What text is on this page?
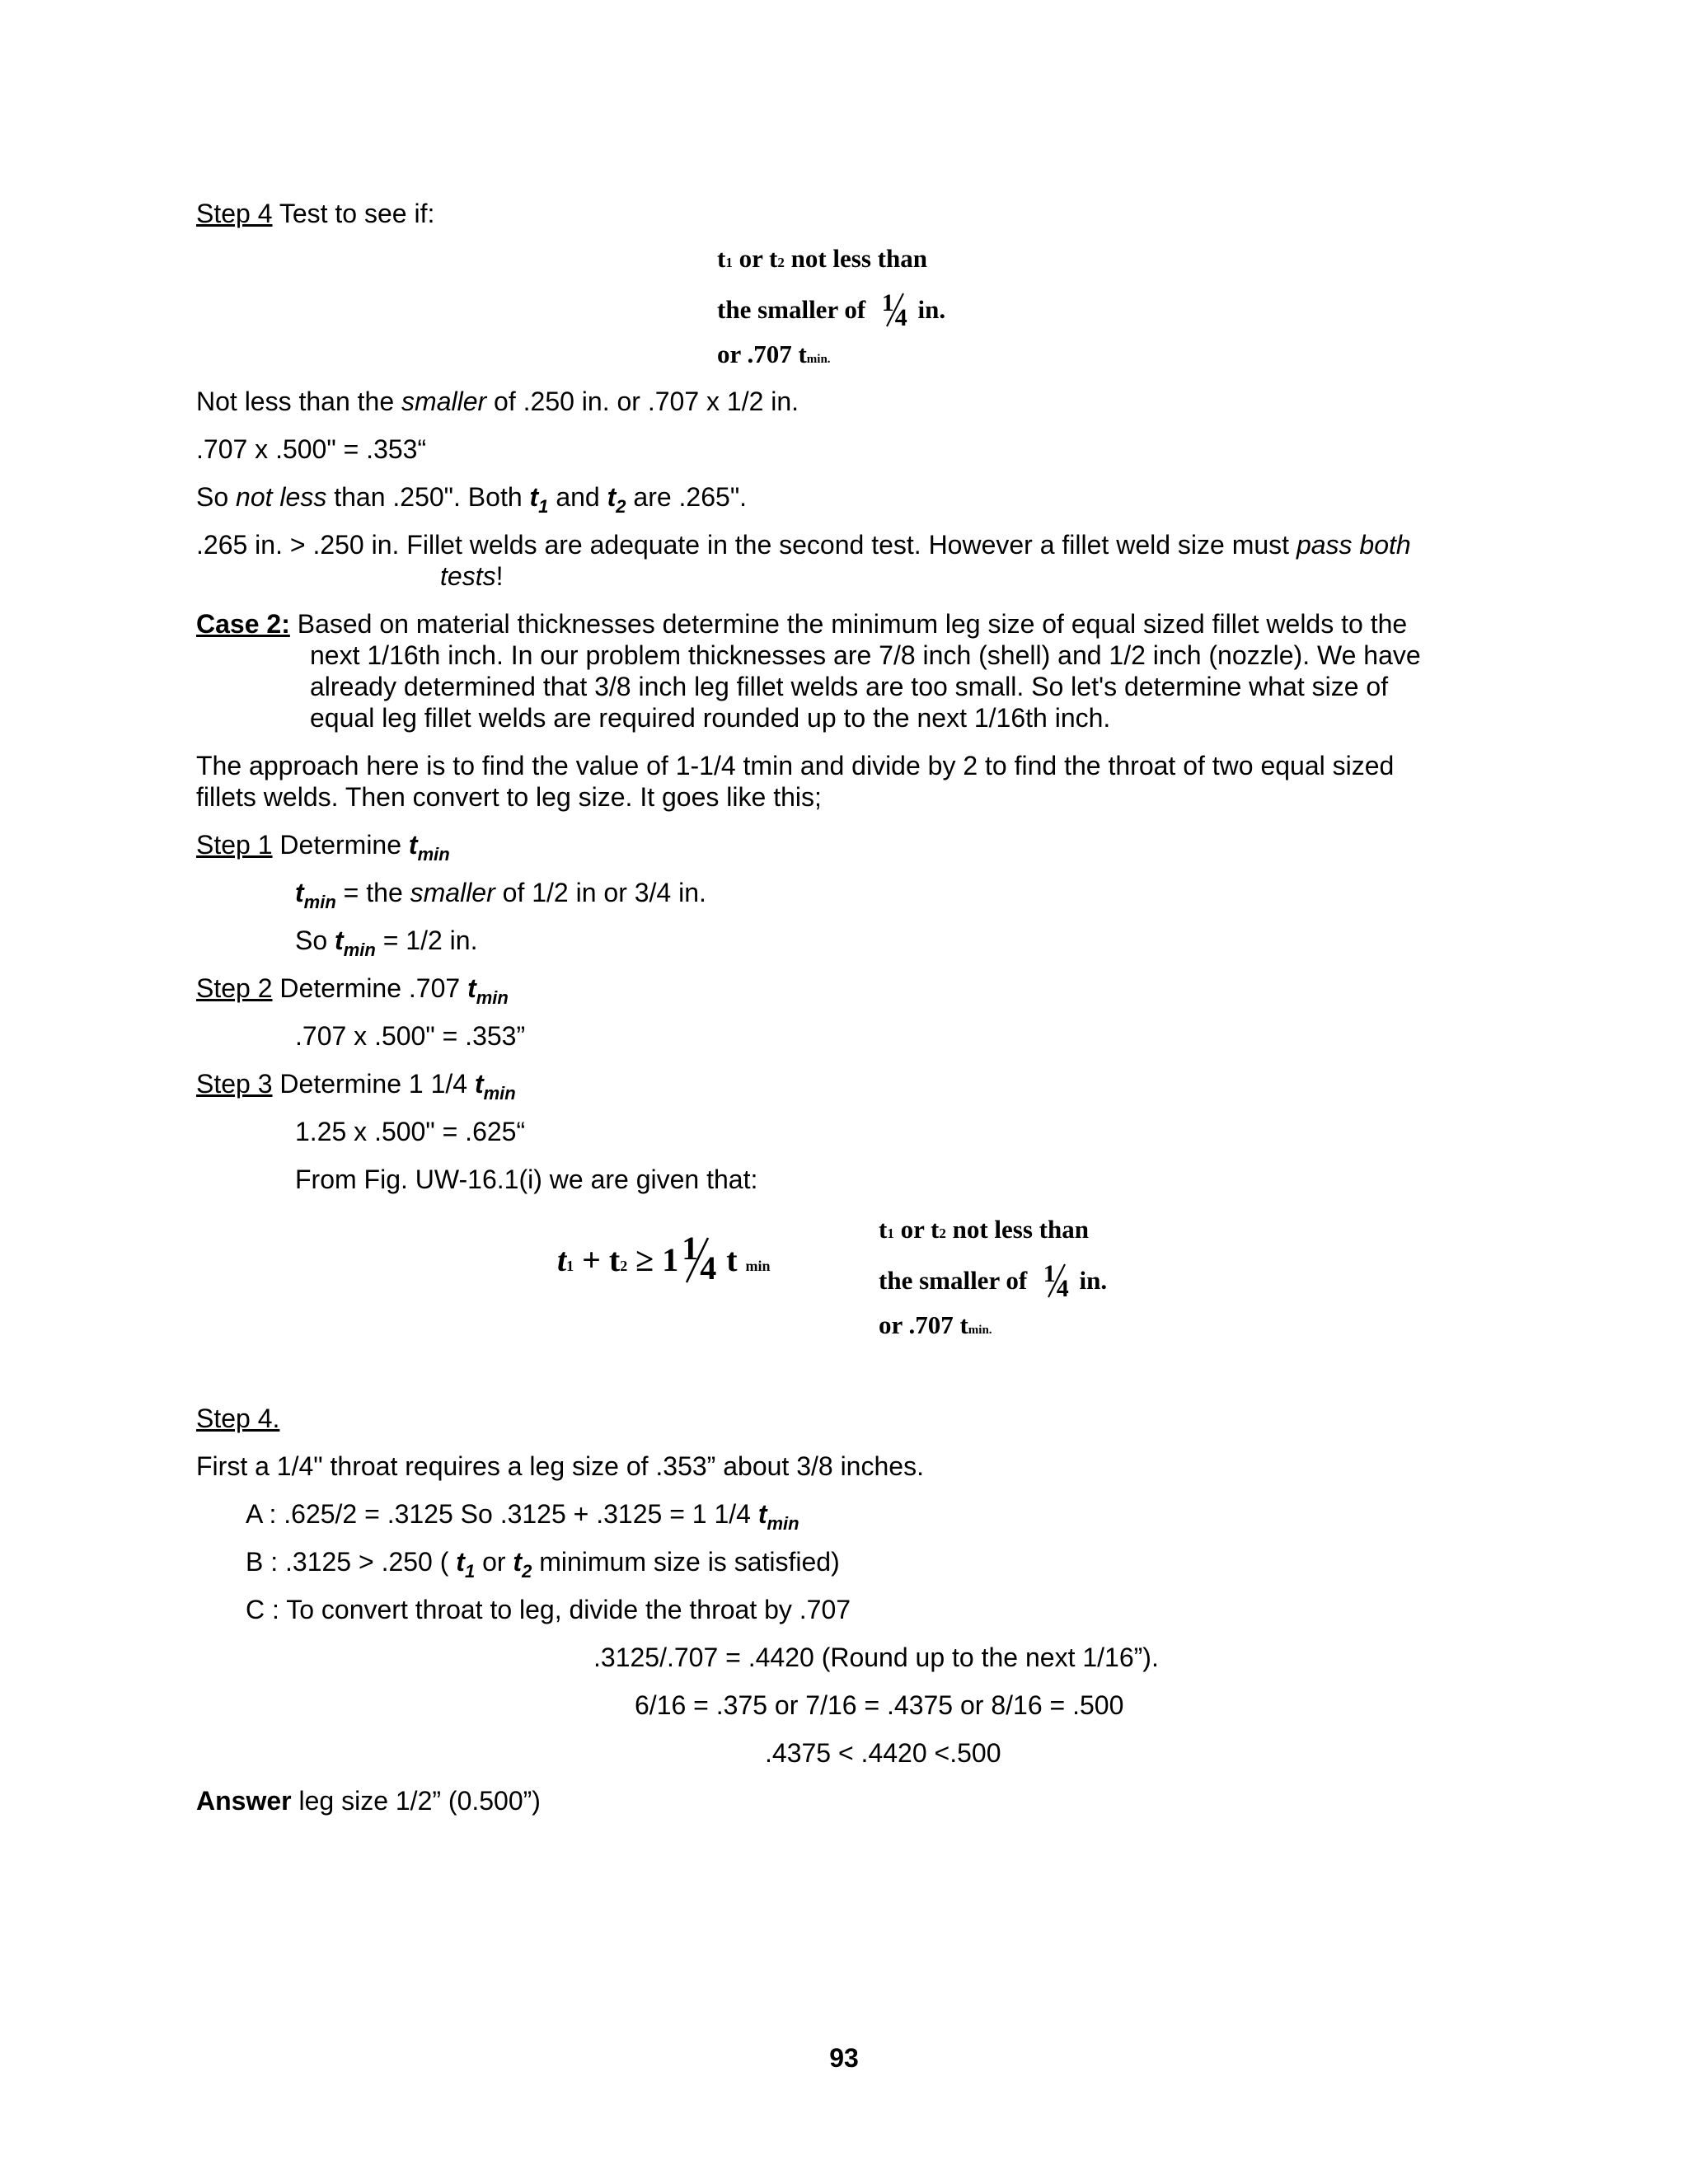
Step 4 Test to see if:
t1 or t2 not less than
the smaller of 1
4 in.
or .707 tmin.
Not less than the smaller of .250 in. or .707 x 1/2 in.
.707 x .500" = .353“
So not less than .250". Both $t_1$ and $t_2$ are .265".
.265 in. > .250 in. Fillet welds are adequate in the second test. However a fillet weld size must pass both
tests!
Case 2: Based on material thicknesses determine the minimum leg size of equal sized fillet welds to the
next 1/16th inch. In our problem thicknesses are 7/8 inch (shell) and 1/2 inch (nozzle). We have
already determined that 3/8 inch leg fillet welds are too small. So let's determine what size of
equal leg fillet welds are required rounded up to the next 1/16th inch.
The approach here is to find the value of 1-1/4 tmin and divide by 2 to find the throat of two equal sized
fillets welds. Then convert to leg size. It goes like this;
Step 1 Determine $t_{min}$
$t_{min}$ = the smaller of 1/2 in or 3/4 in.
So $t_{min} = 1/2$ in.
Step 2 Determine .707 $t_{min}$
.707 x .500" = .353”
Step 3 Determine 1 1/4 $t_{min}$
1.25 x .500" = .625“
From Fig. UW-16.1(i) we are given that:
t1 + t2 ≥ 1 1
4 t min
t1 or t2 not less than
the smaller of 1
4 in.
or .707 tmin.
Step 4.
First a 1/4" throat requires a leg size of .353” about 3/8 inches.
A : .625/2 = .3125 So .3125 + .3125 = 1 1/4 $t_{min}$
B : .3125 > .250 ( $t_1$ or $t_2$ minimum size is satisfied)
C : To convert throat to leg, divide the throat by .707
.3125/.707 = .4420 (Round up to the next 1/16”).
6/16 = .375 or 7/16 = .4375 or 8/16 = .500
.4375 < .4420 <.500
Answer leg size 1/2” (0.500”)
93
